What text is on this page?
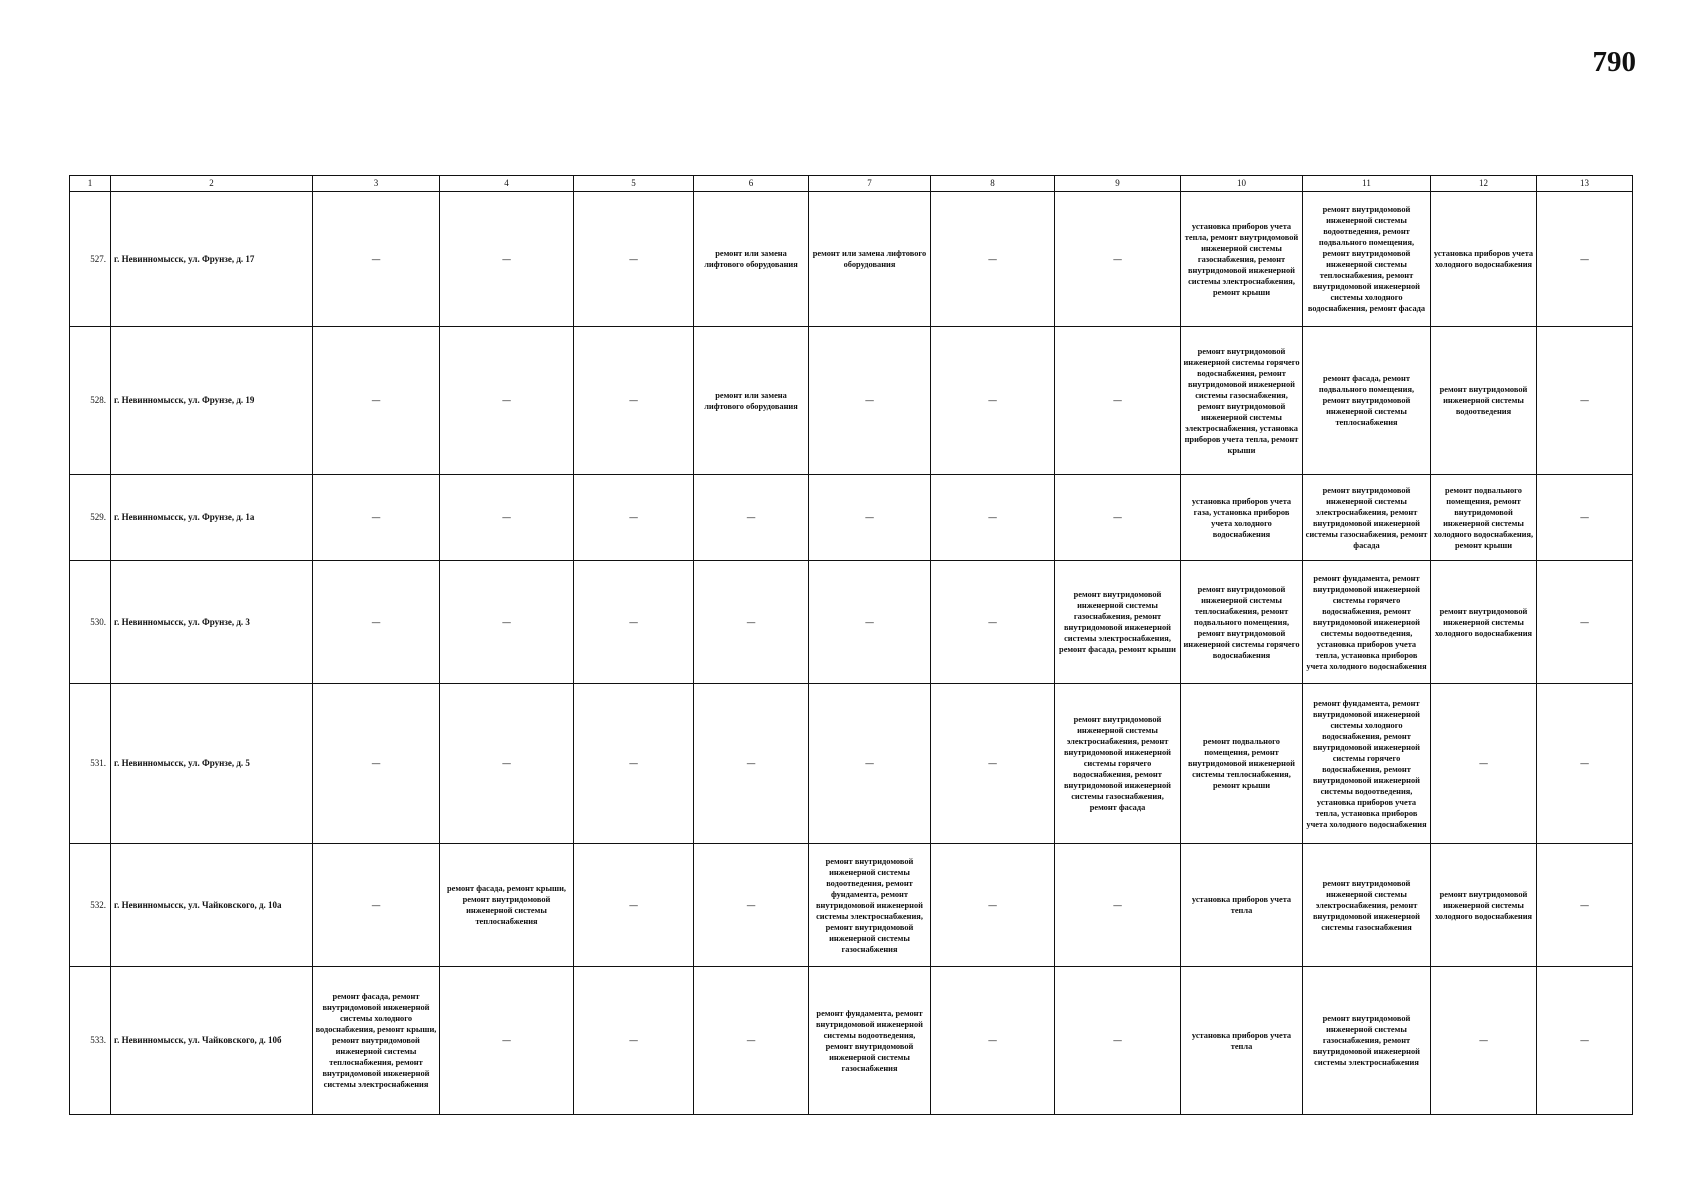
790
1	2	3	4	5	6	7	8	9	10	11	12	13
527.	г. Невинномысск, ул. Фрунзе, д. 17	—	—	—	ремонт или замена лифтового оборудования	ремонт или замена лифтового оборудования	—	—	установка приборов учета тепла, ремонт внутридомовой инженерной системы газоснабжения, ремонт внутридомовой инженерной системы электроснабжения, ремонт крыши	ремонт внутридомовой инженерной системы водоотведения, ремонт подвального помещения, ремонт внутридомовой инженерной системы теплоснабжения, ремонт внутридомовой инженерной системы холодного водоснабжения, ремонт фасада	установка приборов учета холодного водоснабжения	—
528.	г. Невинномысск, ул. Фрунзе, д. 19	—	—	—	ремонт или замена лифтового оборудования	—	—	—	ремонт внутридомовой инженерной системы горячего водоснабжения, ремонт внутридомовой инженерной системы газоснабжения, ремонт внутридомовой инженерной системы электроснабжения, установка приборов учета тепла, ремонт крыши	ремонт фасада, ремонт подвального помещения, ремонт внутридомовой инженерной системы теплоснабжения	ремонт внутридомовой инженерной системы водоотведения	—
529.	г. Невинномысск, ул. Фрунзе, д. 1а	—	—	—	—	—	—	—	установка приборов учета газа, установка приборов учета холодного водоснабжения	ремонт внутридомовой инженерной системы электроснабжения, ремонт внутридомовой инженерной системы газоснабжения, ремонт фасада	ремонт подвального помещения, ремонт внутридомовой инженерной системы холодного водоснабжения, ремонт крыши	—
530.	г. Невинномысск, ул. Фрунзе, д. 3	—	—	—	—	—	—	ремонт внутридомовой инженерной системы газоснабжения, ремонт внутридомовой инженерной системы электроснабжения, ремонт фасада, ремонт крыши	ремонт внутридомовой инженерной системы теплоснабжения, ремонт подвального помещения, ремонт внутридомовой инженерной системы горячего водоснабжения	ремонт фундамента, ремонт внутридомовой инженерной системы горячего водоснабжения, ремонт внутридомовой инженерной системы водоотведения, установка приборов учета тепла, установка приборов учета холодного водоснабжения	ремонт внутридомовой инженерной системы холодного водоснабжения	—
531.	г. Невинномысск, ул. Фрунзе, д. 5	—	—	—	—	—	—	ремонт внутридомовой инженерной системы электроснабжения, ремонт внутридомовой инженерной системы горячего водоснабжения, ремонт внутридомовой инженерной системы газоснабжения, ремонт фасада	ремонт подвального помещения, ремонт внутридомовой инженерной системы теплоснабжения, ремонт крыши	ремонт фундамента, ремонт внутридомовой инженерной системы холодного водоснабжения, ремонт внутридомовой инженерной системы горячего водоснабжения, ремонт внутридомовой инженерной системы водоотведения, установка приборов учета тепла, установка приборов учета холодного водоснабжения	—	—
532.	г. Невинномысск, ул. Чайковского, д. 10а	—	ремонт фасада, ремонт крыши, ремонт внутридомовой инженерной системы теплоснабжения	—	—	ремонт внутридомовой инженерной системы водоотведения, ремонт фундамента, ремонт внутридомовой инженерной системы электроснабжения, ремонт внутридомовой инженерной системы газоснабжения	—	—	установка приборов учета тепла	ремонт внутридомовой инженерной системы электроснабжения, ремонт внутридомовой инженерной системы газоснабжения	ремонт внутридомовой инженерной системы холодного водоснабжения	—
533.	г. Невинномысск, ул. Чайковского, д. 10б	ремонт фасада, ремонт внутридомовой инженерной системы холодного водоснабжения, ремонт крыши, ремонт внутридомовой инженерной системы теплоснабжения, ремонт внутридомовой инженерной системы электроснабжения	—	—	—	ремонт фундамента, ремонт внутридомовой инженерной системы водоотведения, ремонт внутридомовой инженерной системы газоснабжения	—	—	установка приборов учета тепла	ремонт внутридомовой инженерной системы газоснабжения, ремонт внутридомовой инженерной системы электроснабжения	—	—
